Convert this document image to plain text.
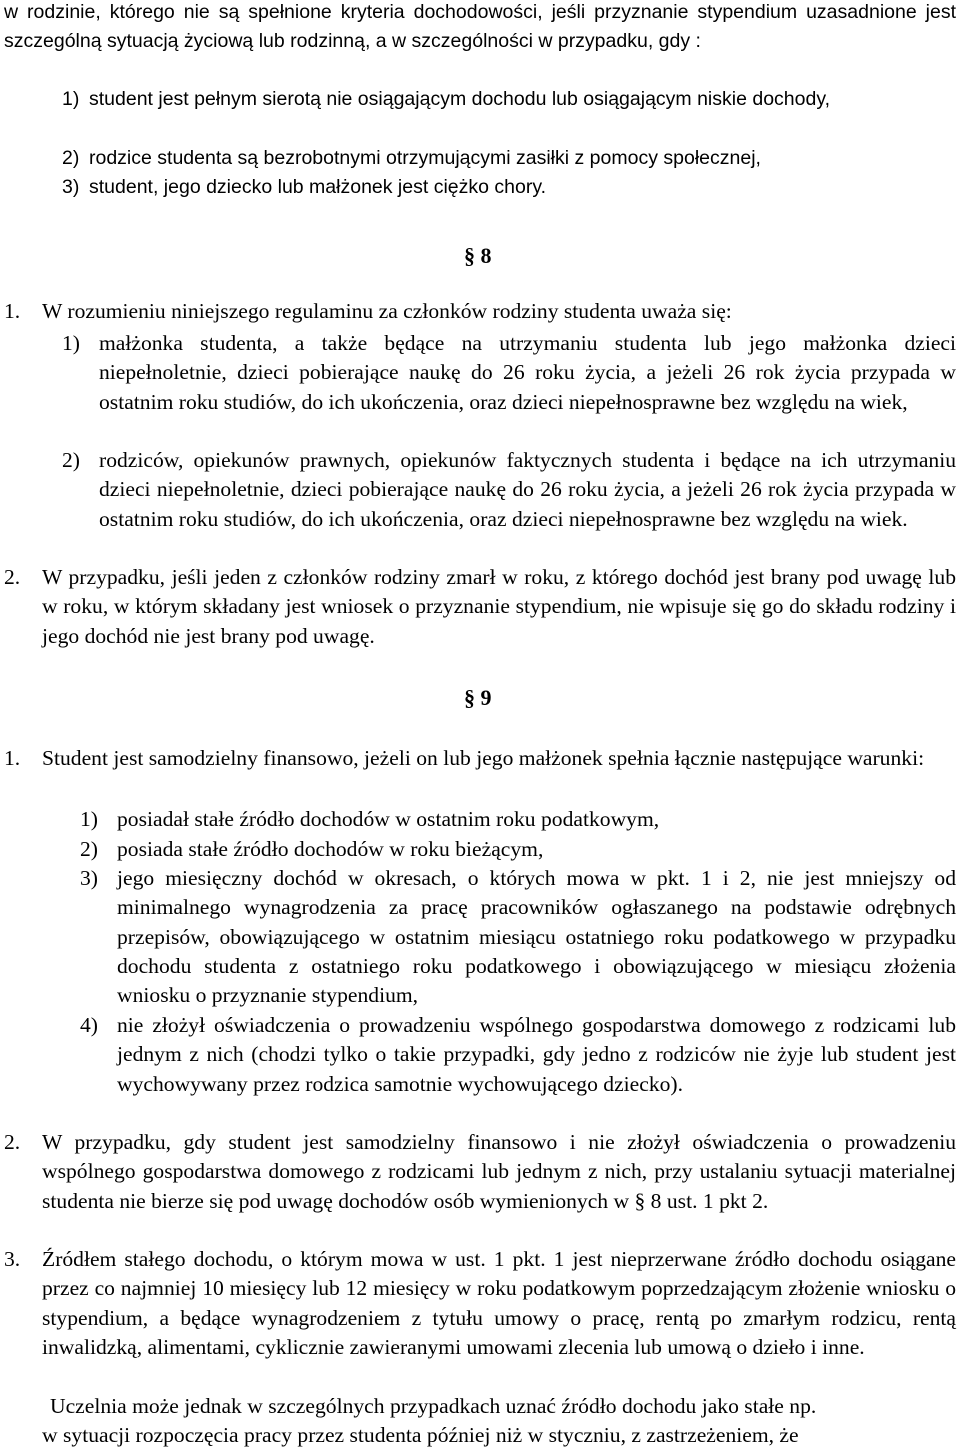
w rodzinie, którego nie są spełnione kryteria dochodowości, jeśli przyznanie stypendium uzasadnione jest szczególną sytuacją życiową lub rodzinną, a w szczególności w przypadku, gdy :

1) student jest pełnym sierotą nie osiągającym dochodu lub osiągającym niskie dochody,

2) rodzice studenta są bezrobotnymi otrzymującymi zasiłki z pomocy społecznej,

3) student, jego dziecko lub małżonek jest ciężko chory.

§ 8
1. W rozumieniu niniejszego regulaminu za członków rodziny studenta uważa się:

1) małżonka studenta, a także będące na utrzymaniu studenta lub jego małżonka dzieci niepełnoletnie, dzieci pobierające naukę do 26 roku życia, a jeżeli 26 rok życia przypada w ostatnim roku studiów, do ich ukończenia, oraz dzieci niepełnosprawne bez względu na wiek,

2) rodziców, opiekunów prawnych, opiekunów faktycznych studenta i będące na ich utrzymaniu dzieci niepełnoletnie, dzieci pobierające naukę do 26 roku życia, a jeżeli 26 rok życia przypada w ostatnim roku studiów, do ich ukończenia, oraz dzieci niepełnosprawne bez względu na wiek.

2. W przypadku, jeśli jeden z członków rodziny zmarł w roku, z którego dochód jest brany pod uwagę lub w roku, w którym składany jest wniosek o przyznanie stypendium, nie wpisuje się go do składu rodziny i jego dochód nie jest brany pod uwagę.

§ 9
1. Student jest samodzielny finansowo, jeżeli on lub jego małżonek spełnia łącznie następujące warunki:

1) posiadał stałe źródło dochodów w ostatnim roku podatkowym,

2) posiada stałe źródło dochodów w roku bieżącym,

3) jego miesięczny dochód w okresach, o których mowa w pkt. 1 i 2, nie jest mniejszy od minimalnego wynagrodzenia za pracę pracowników ogłaszanego na podstawie odrębnych przepisów, obowiązującego w ostatnim miesiącu ostatniego roku podatkowego w przypadku dochodu studenta z ostatniego roku podatkowego i obowiązującego w miesiącu złożenia wniosku o przyznanie stypendium,

4) nie złożył oświadczenia o prowadzeniu wspólnego gospodarstwa domowego z rodzicami lub jednym z nich (chodzi tylko o takie przypadki, gdy jedno z rodziców nie żyje lub student jest wychowywany przez rodzica samotnie wychowującego dziecko).

2. W przypadku, gdy student jest samodzielny finansowo i nie złożył oświadczenia o prowadzeniu wspólnego gospodarstwa domowego z rodzicami lub jednym z nich, przy ustalaniu sytuacji materialnej studenta nie bierze się pod uwagę dochodów osób wymienionych w § 8 ust. 1 pkt 2.

3. Źródłem stałego dochodu, o którym mowa w ust. 1 pkt. 1 jest nieprzerwane źródło dochodu osiągane przez co najmniej 10 miesięcy lub 12 miesięcy w roku podatkowym poprzedzającym złożenie wniosku o stypendium, a będące wynagrodzeniem z tytułu umowy o pracę, rentą po zmarłym rodzicu, rentą inwalidzką, alimentami, cyklicznie zawieranymi umowami zlecenia lub umową o dzieło i inne.

Uczelnia może jednak w szczególnych przypadkach uznać źródło dochodu jako stałe np.

w sytuacji rozpoczęcia pracy przez studenta później niż w styczniu, z zastrzeżeniem, że
